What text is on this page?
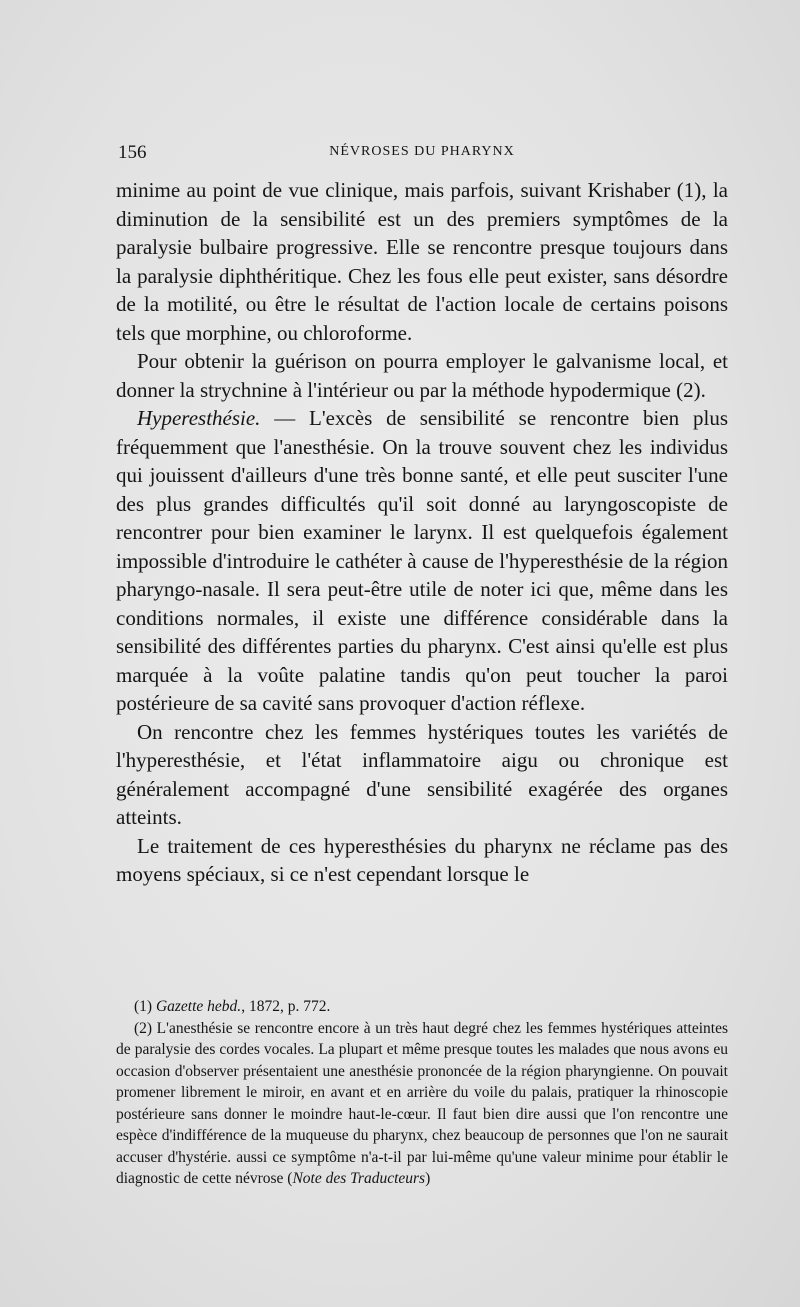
156	NÉVROSES DU PHARYNX

minime au point de vue clinique, mais parfois, suivant Krishaber (1), la diminution de la sensibilité est un des premiers symptômes de la paralysie bulbaire progressive. Elle se rencontre presque toujours dans la paralysie diphthéritique. Chez les fous elle peut exister, sans désordre de la motilité, ou être le résultat de l'action locale de certains poisons tels que morphine, ou chloroforme.

Pour obtenir la guérison on pourra employer le galvanisme local, et donner la strychnine à l'intérieur ou par la méthode hypodermique (2).

Hyperesthésie. — L'excès de sensibilité se rencontre bien plus fréquemment que l'anesthésie. On la trouve souvent chez les individus qui jouissent d'ailleurs d'une très bonne santé, et elle peut susciter l'une des plus grandes difficultés qu'il soit donné au laryngoscopiste de rencontrer pour bien examiner le larynx. Il est quelquefois également impossible d'introduire le cathéter à cause de l'hyperesthésie de la région pharyngo-nasale. Il sera peut-être utile de noter ici que, même dans les conditions normales, il existe une différence considérable dans la sensibilité des différentes parties du pharynx. C'est ainsi qu'elle est plus marquée à la voûte palatine tandis qu'on peut toucher la paroi postérieure de sa cavité sans provoquer d'action réflexe.

On rencontre chez les femmes hystériques toutes les variétés de l'hyperesthésie, et l'état inflammatoire aigu ou chronique est généralement accompagné d'une sensibilité exagérée des organes atteints.

Le traitement de ces hyperesthésies du pharynx ne réclame pas des moyens spéciaux, si ce n'est cependant lorsque le

(1) Gazette hebd., 1872, p. 772.

(2) L'anesthésie se rencontre encore à un très haut degré chez les femmes hystériques atteintes de paralysie des cordes vocales. La plupart et même presque toutes les malades que nous avons eu occasion d'observer présentaient une anesthésie prononcée de la région pharyngienne. On pouvait promener librement le miroir, en avant et en arrière du voile du palais, pratiquer la rhinoscopie postérieure sans donner le moindre haut-le-cœur. Il faut bien dire aussi que l'on rencontre une espèce d'indifférence de la muqueuse du pharynx, chez beaucoup de personnes que l'on ne saurait accuser d'hystérie. aussi ce symptôme n'a-t-il par lui-même qu'une valeur minime pour établir le diagnostic de cette névrose (Note des Traducteurs)
